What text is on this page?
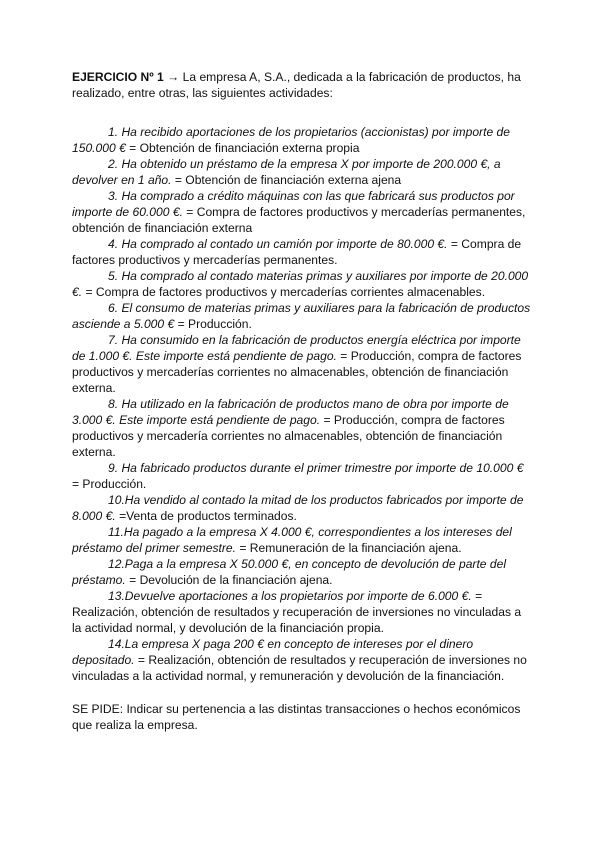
EJERCICIO Nº 1 → La empresa A, S.A., dedicada a la fabricación de productos, ha realizado, entre otras, las siguientes actividades:

1. Ha recibido aportaciones de los propietarios (accionistas) por importe de 150.000 € = Obtención de financiación externa propia

2. Ha obtenido un préstamo de la empresa X por importe de 200.000 €, a devolver en 1 año. = Obtención de financiación externa ajena

3. Ha comprado a crédito máquinas con las que fabricará sus productos por importe de 60.000 €. = Compra de factores productivos y mercaderías permanentes, obtención de financiación externa

4. Ha comprado al contado un camión por importe de 80.000 €. = Compra de factores productivos y mercaderías permanentes.

5. Ha comprado al contado materias primas y auxiliares por importe de 20.000 €. = Compra de factores productivos y mercaderías corrientes almacenables.

6. El consumo de materias primas y auxiliares para la fabricación de productos asciende a 5.000 € = Producción.

7. Ha consumido en la fabricación de productos energía eléctrica por importe de 1.000 €. Este importe está pendiente de pago. = Producción, compra de factores productivos y mercaderías corrientes no almacenables, obtención de financiación externa.

8. Ha utilizado en la fabricación de productos mano de obra por importe de 3.000 €. Este importe está pendiente de pago. = Producción, compra de factores productivos y mercadería corrientes no almacenables, obtención de financiación externa.

9. Ha fabricado productos durante el primer trimestre por importe de 10.000 € = Producción.

10.Ha vendido al contado la mitad de los productos fabricados por importe de 8.000 €. =Venta de productos terminados.

11.Ha pagado a la empresa X 4.000 €, correspondientes a los intereses del préstamo del primer semestre. = Remuneración de la financiación ajena.

12.Paga a la empresa X 50.000 €, en concepto de devolución de parte del préstamo. = Devolución de la financiación ajena.

13.Devuelve aportaciones a los propietarios por importe de 6.000 €. = Realización, obtención de resultados y recuperación de inversiones no vinculadas a la actividad normal, y devolución de la financiación propia.

14.La empresa X paga 200 € en concepto de intereses por el dinero depositado. = Realización, obtención de resultados y recuperación de inversiones no vinculadas a la actividad normal, y remuneración y devolución de la financiación.

SE PIDE: Indicar su pertenencia a las distintas transacciones o hechos económicos que realiza la empresa.
